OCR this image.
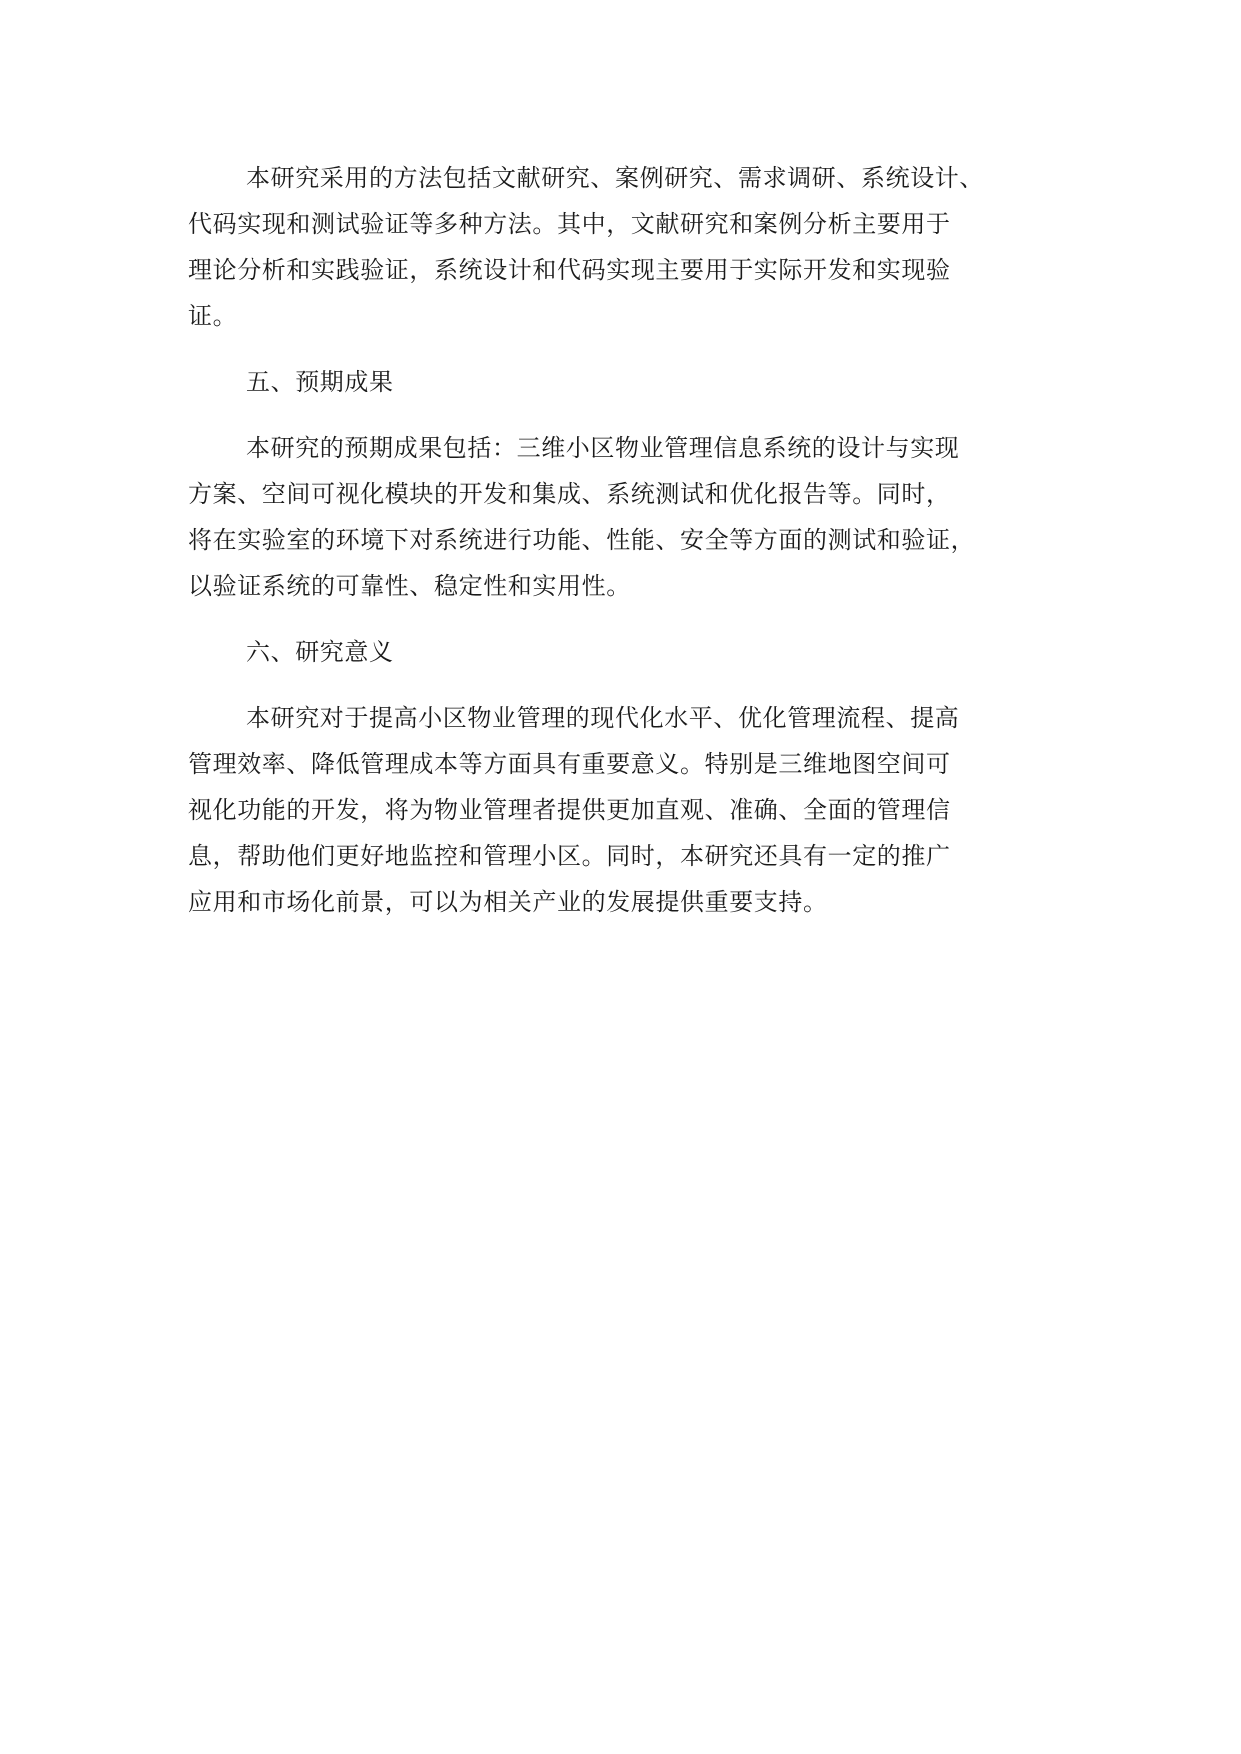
本研究采用的方法包括文献研究、案例研究、需求调研、系统设计、
代码实现和测试验证等多种方法。其中，文献研究和案例分析主要用于
理论分析和实践验证，系统设计和代码实现主要用于实际开发和实现验
证。

五、预期成果

本研究的预期成果包括：三维小区物业管理信息系统的设计与实现
方案、空间可视化模块的开发和集成、系统测试和优化报告等。同时，
将在实验室的环境下对系统进行功能、性能、安全等方面的测试和验证，
以验证系统的可靠性、稳定性和实用性。

六、研究意义

本研究对于提高小区物业管理的现代化水平、优化管理流程、提高
管理效率、降低管理成本等方面具有重要意义。特别是三维地图空间可
视化功能的开发，将为物业管理者提供更加直观、准确、全面的管理信
息，帮助他们更好地监控和管理小区。同时，本研究还具有一定的推广
应用和市场化前景，可以为相关产业的发展提供重要支持。
